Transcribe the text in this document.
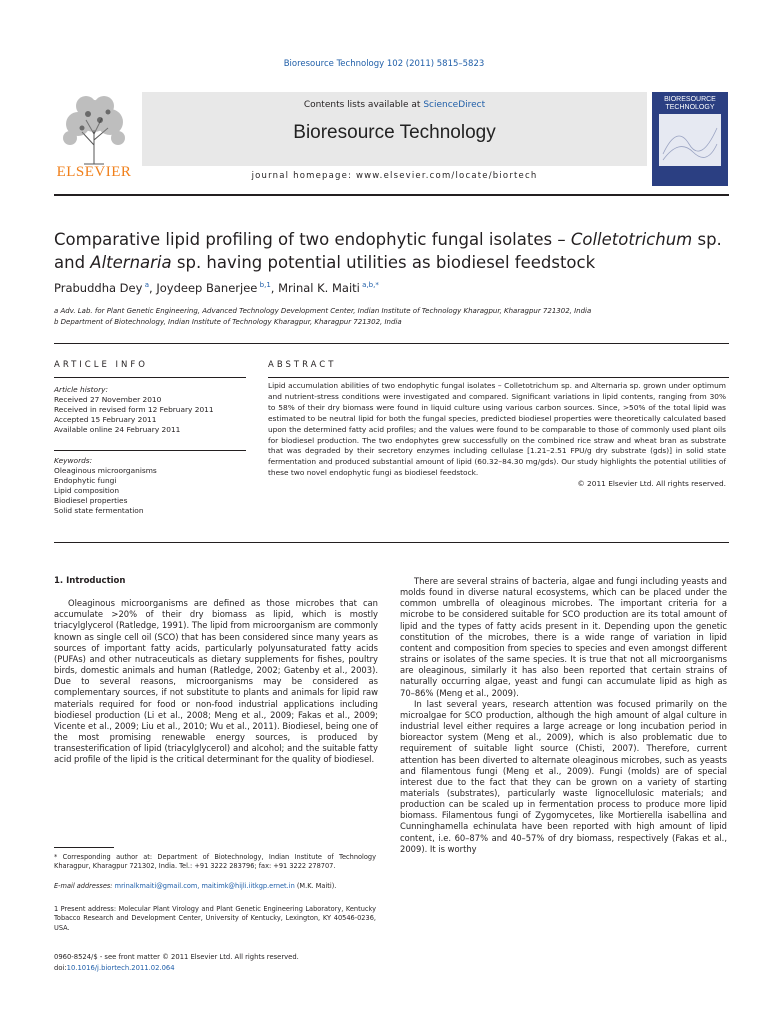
Bioresource Technology 102 (2011) 5815–5823
ELSEVIER
Contents lists available at ScienceDirect
Bioresource Technology
journal homepage: www.elsevier.com/locate/biortech
BIORESOURCE TECHNOLOGY
Comparative lipid profiling of two endophytic fungal isolates – Colletotrichum sp. and Alternaria sp. having potential utilities as biodiesel feedstock
Prabuddha Dey  $^a$, Joydeep Banerjee  $^{b,1}$, Mrinal K. Maiti  $^{a,b,*}$
a Adv. Lab. for Plant Genetic Engineering, Advanced Technology Development Center, Indian Institute of Technology Kharagpur, Kharagpur 721302, India
b Department of Biotechnology, Indian Institute of Technology Kharagpur, Kharagpur 721302, India
ARTICLE INFO	ABSTRACT
Article history:
Received 27 November 2010
Received in revised form 12 February 2011
Accepted 15 February 2011
Available online 24 February 2011
Keywords:
Oleaginous microorganisms
Endophytic fungi
Lipid composition
Biodiesel properties
Solid state fermentation
Lipid accumulation abilities of two endophytic fungal isolates – Colletotrichum sp. and Alternaria sp. grown under optimum and nutrient-stress conditions were investigated and compared. Significant variations in lipid contents, ranging from 30% to 58% of their dry biomass were found in liquid culture using various carbon sources. Since, >50% of the total lipid was estimated to be neutral lipid for both the fungal species, predicted biodiesel properties were theoretically calculated based upon the determined fatty acid profiles; and the values were found to be comparable to those of commonly used plant oils for biodiesel production. The two endophytes grew successfully on the combined rice straw and wheat bran as substrate that was degraded by their secretory enzymes including cellulase [1.21–2.51 FPU/g dry substrate (gds)] in solid state fermentation and produced substantial amount of lipid (60.32–84.30 mg/gds). Our study highlights the potential utilities of these two novel endophytic fungi as biodiesel feedstock.
© 2011 Elsevier Ltd. All rights reserved.
1. Introduction

Oleaginous microorganisms are defined as those microbes that can accumulate >20% of their dry biomass as lipid, which is mostly triacylglycerol (Ratledge, 1991). The lipid from microorganism are commonly known as single cell oil (SCO) that has been considered since many years as sources of important fatty acids, particularly polyunsaturated fatty acids (PUFAs) and other nutraceuticals as dietary supplements for fishes, poultry birds, domestic animals and human (Ratledge, 2002; Gatenby et al., 2003). Due to several reasons, microorganisms may be considered as complementary sources, if not substitute to plants and animals for lipid raw materials required for food or non-food industrial applications including biodiesel production (Li et al., 2008; Meng et al., 2009; Fakas et al., 2009; Vicente et al., 2009; Liu et al., 2010; Wu et al., 2011). Biodiesel, being one of the most promising renewable energy sources, is produced by transesterification of lipid (triacylglycerol) and alcohol; and the suitable fatty acid profile of the lipid is the critical determinant for the quality of biodiesel.

* Corresponding author at: Department of Biotechnology, Indian Institute of Technology Kharagpur, Kharagpur 721302, India. Tel.: +91 3222 283796; fax: +91 3222 278707.
E-mail addresses: mrinalkmaiti@gmail.com, maitimk@hijli.iitkgp.ernet.in (M.K. Maiti).
1 Present address: Molecular Plant Virology and Plant Genetic Engineering Laboratory, Kentucky Tobacco Research and Development Center, University of Kentucky, Lexington, KY 40546-0236, USA.
0960-8524/$ - see front matter © 2011 Elsevier Ltd. All rights reserved.
doi:10.1016/j.biortech.2011.02.064

There are several strains of bacteria, algae and fungi including yeasts and molds found in diverse natural ecosystems, which can be placed under the common umbrella of oleaginous microbes. The important criteria for a microbe to be considered suitable for SCO production are its total amount of lipid and the types of fatty acids present in it. Depending upon the genetic constitution of the microbes, there is a wide range of variation in lipid content and composition from species to species and even amongst different strains or isolates of the same species. It is true that not all microorganisms are oleaginous, similarly it has also been reported that certain strains of naturally occurring algae, yeast and fungi can accumulate lipid as high as 70–86% (Meng et al., 2009).

In last several years, research attention was focused primarily on the microalgae for SCO production, although the high amount of algal culture in industrial level either requires a large acreage or long incubation period in bioreactor system (Meng et al., 2009), which is also problematic due to requirement of suitable light source (Chisti, 2007). Therefore, current attention has been diverted to alternate oleaginous microbes, such as yeasts and filamentous fungi (Meng et al., 2009). Fungi (molds) are of special interest due to the fact that they can be grown on a variety of starting materials (substrates), particularly waste lignocellulosic materials; and production can be scaled up in fermentation process to produce more lipid biomass. Filamentous fungi of Zygomycetes, like Mortierella isabellina and Cunninghamella echinulata have been reported with high amount of lipid content, i.e. 60–87% and 40–57% of dry biomass, respectively (Fakas et al., 2009). It is worthy
